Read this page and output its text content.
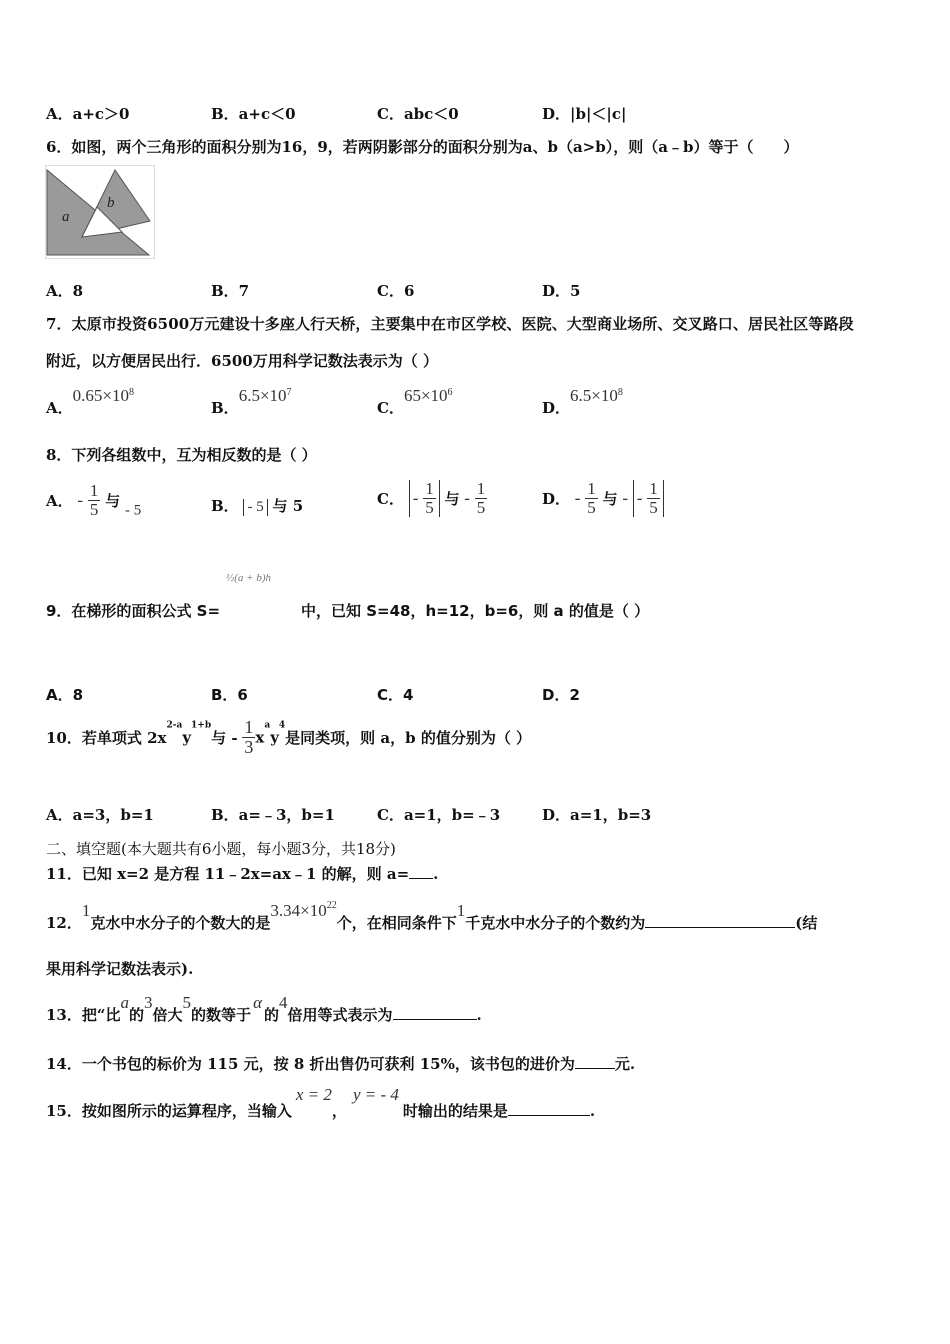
A．a+c＞0	B．a+c＜0	C．abc＜0	D．|b|＜|c|
6．如图，两个三角形的面积分别为16，9，若两阴影部分的面积分别为a、b（a>b），则（a﹣b）等于（　　）
a
b
A．8	B．7	C．6	D．5
7．太原市投资6500万元建设十多座人行天桥，主要集中在市区学校、医院、大型商业场所、交叉路口、居民社区等路段
附近，以方便居民出行．6500万用科学记数法表示为（ ）
A．$0.65\times 10^8$
B．$6.5\times 10^7$
C．$65\times 10^6$
D．$6.5\times 10^8$
8．下列各组数中，互为相反数的是（ ）
A． - $\frac{1}{5}$ 与 - 5	B． - 5 与 5	C． - $\frac{1}{5}$ 与 - $\frac{1}{5}$	D． - $\frac{1}{5}$ 与 - - $\frac{1}{5}$
½(a + b)h
9．在梯形的面积公式 S=	中，已知 S=48，h=12，b=6，则 a 的值是（ ）
A．8	B．6	C．4	D．2
10．若单项式 $2x^{2-a}y^{1+b}$与 - $\frac{1}{3} x^ay^4$是同类项，则 a，b 的值分别为（ ）
A．a=3，b=1	B．a=﹣3，b=1	C．a=1，b=﹣3	D．a=1，b=3
二、填空题(本大题共有6小题，每小题3分，共18分)
11．已知 x=2 是方程 11﹣2x=ax﹣1 的解，则 a= .
12．1克水中水分子的个数大的是$3.34\times 10^{22}$个，在相同条件下1千克水中水分子的个数约为	(结
果用科学记数法表示).
13．把“比a的3倍大5的数等于α的4倍用等式表示为	.
14．一个书包的标价为 115 元，按 8 折出售仍可获利 15%，该书包的进价为	元.
15．按如图所示的运算程序，当输入x = 2，y = - 4时输出的结果是	.
